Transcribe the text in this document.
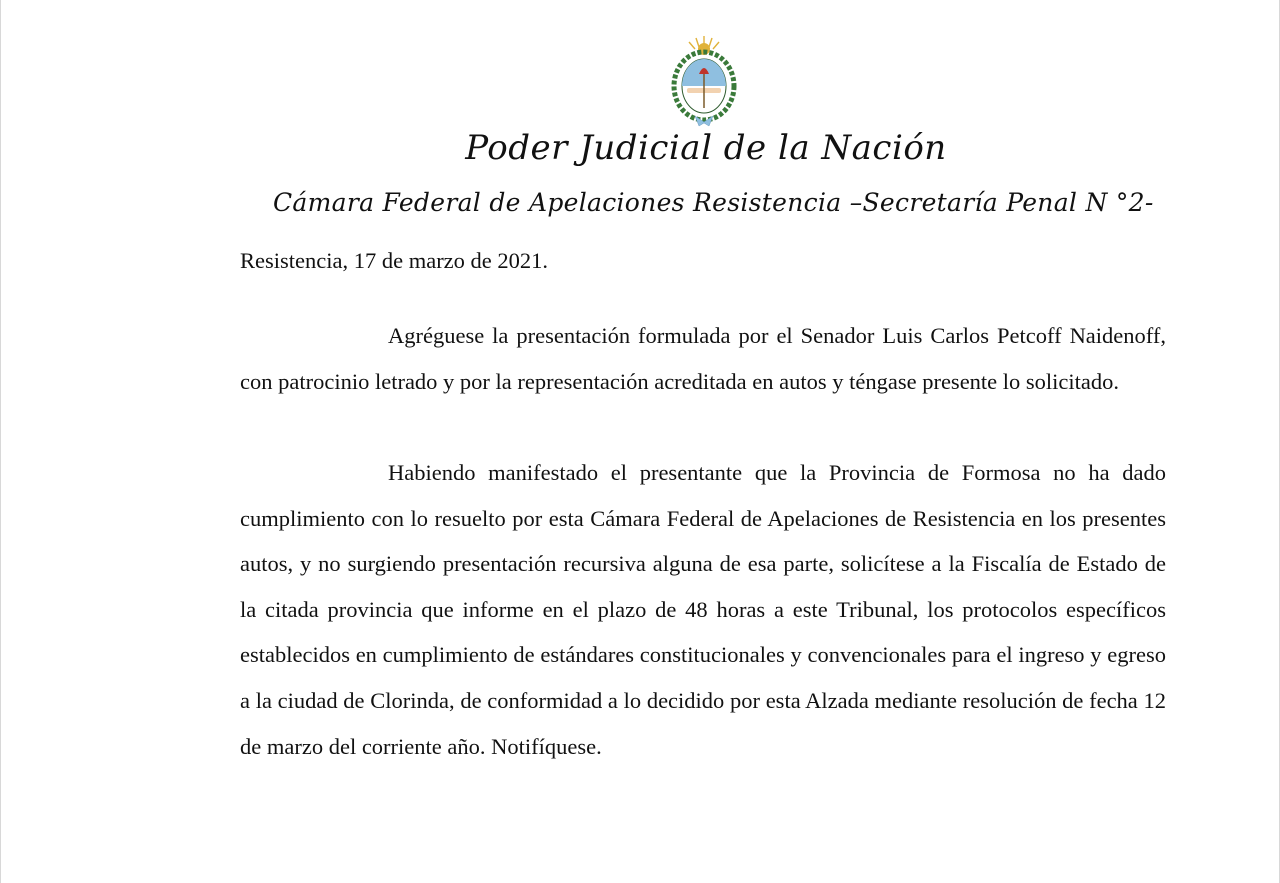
Poder Judicial de la Nación
Cámara Federal de Apelaciones Resistencia –Secretaría Penal N °2-
Resistencia, 17 de marzo de 2021.
Agréguese la presentación formulada por el Senador Luis Carlos Petcoff Naidenoff, con patrocinio letrado y por la representación acreditada en autos y téngase presente lo solicitado.
Habiendo manifestado el presentante que la Provincia de Formosa no ha dado cumplimiento con lo resuelto por esta Cámara Federal de Apelaciones de Resistencia en los presentes autos, y no surgiendo presentación recursiva alguna de esa parte, solicítese a la Fiscalía de Estado de la citada provincia que informe en el plazo de 48 horas a este Tribunal, los protocolos específicos establecidos en cumplimiento de estándares constitucionales y convencionales para el ingreso y egreso a la ciudad de Clorinda, de conformidad a lo decidido por esta Alzada mediante resolución de fecha 12 de marzo del corriente año. Notifíquese.
